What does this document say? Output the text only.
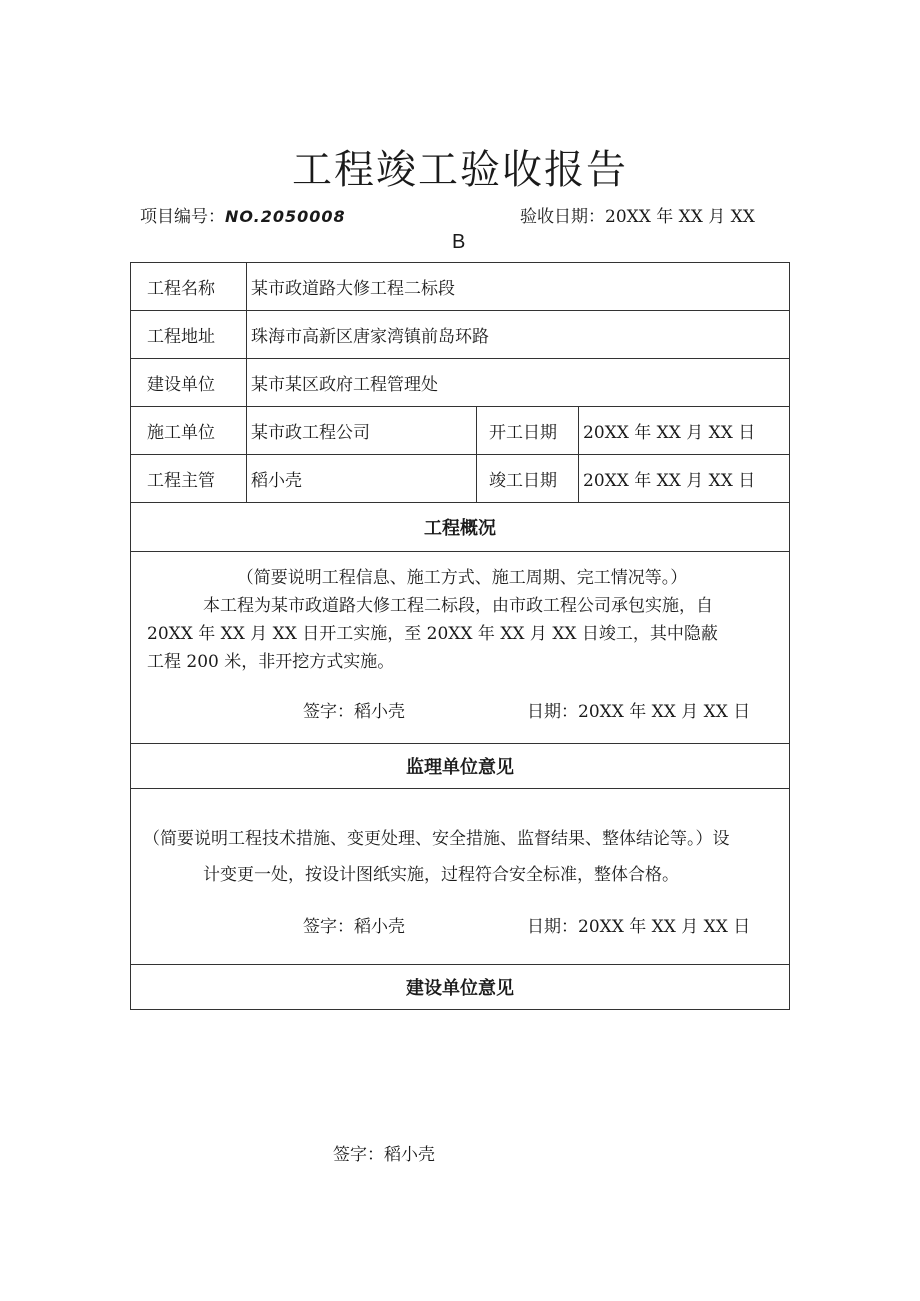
工程竣工验收报告
项目编号：NO.2050008	验收日期：20XX 年 XX 月 XX
B
工程名称	某市政道路大修工程二标段
工程地址	珠海市高新区唐家湾镇前岛环路
建设单位	某市某区政府工程管理处
施工单位	某市政工程公司	开工日期	20XX 年 XX 月 XX 日
工程主管	稻小壳	竣工日期	20XX 年 XX 月 XX 日
工程概况
（简要说明工程信息、施工方式、施工周期、完工情况等。）
本工程为某市政道路大修工程二标段，由市政工程公司承包实施，自
20XX 年 XX 月 XX 日开工实施，至 20XX 年 XX 月 XX 日竣工，其中隐蔽
工程 200 米，非开挖方式实施。
签字：稻小壳	日期：20XX 年 XX 月 XX 日
监理单位意见
（简要说明工程技术措施、变更处理、安全措施、监督结果、整体结论等。）设
计变更一处，按设计图纸实施，过程符合安全标准，整体合格。
签字：稻小壳	日期：20XX 年 XX 月 XX 日
建设单位意见
签字：稻小壳
